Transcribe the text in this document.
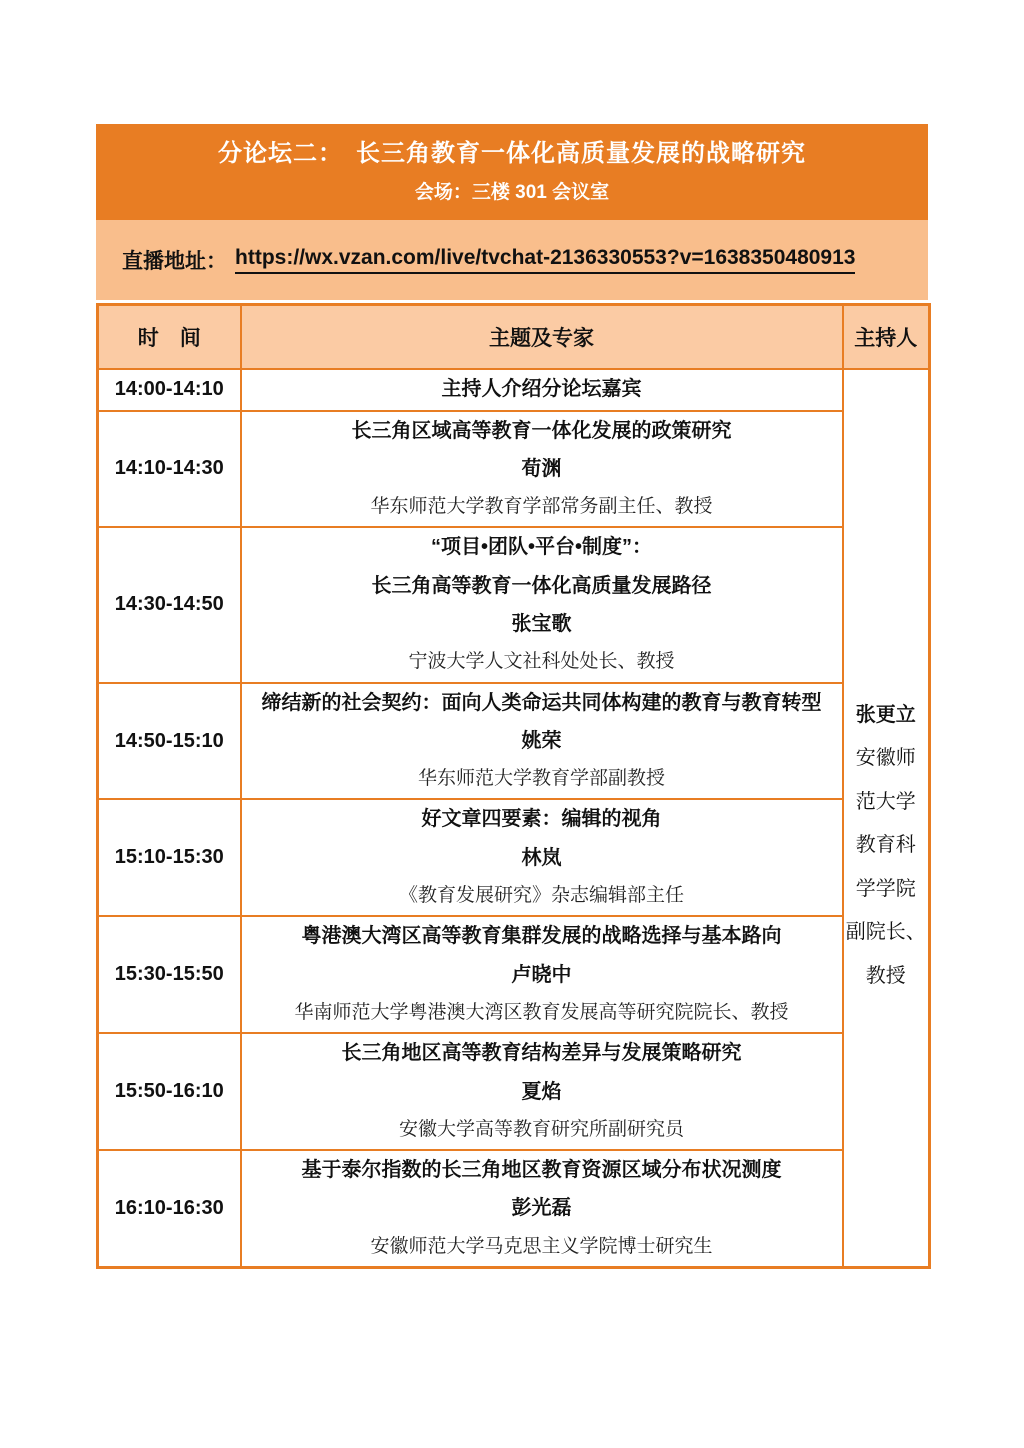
分论坛二：　长三角教育一体化高质量发展的战略研究
会场：三楼 301 会议室
直播地址： https://wx.vzan.com/live/tvchat-2136330553?v=1638350480913
时　间	主题及专家	主持人
14:00-14:10	主持人介绍分论坛嘉宾

张更立
安徽师
范大学
教育科
学学院
副院长、
教授

14:10-14:30	长三角区域高等教育一体化发展的政策研究
荀渊
华东师范大学教育学部常务副主任、教授	

14:30-14:50	“项目•团队•平台•制度”：
长三角高等教育一体化高质量发展路径
张宝歌
宁波大学人文社科处处长、教授	

14:50-15:10	缔结新的社会契约：面向人类命运共同体构建的教育与教育转型
姚荣
华东师范大学教育学部副教授	

15:10-15:30	好文章四要素：编辑的视角
林岚
《教育发展研究》杂志编辑部主任	

15:30-15:50	粤港澳大湾区高等教育集群发展的战略选择与基本路向
卢晓中
华南师范大学粤港澳大湾区教育发展高等研究院院长、教授	

15:50-16:10	长三角地区高等教育结构差异与发展策略研究
夏焰
安徽大学高等教育研究所副研究员	

16:10-16:30	基于泰尔指数的长三角地区教育资源区域分布状况测度
彭光磊
安徽师范大学马克思主义学院博士研究生	
